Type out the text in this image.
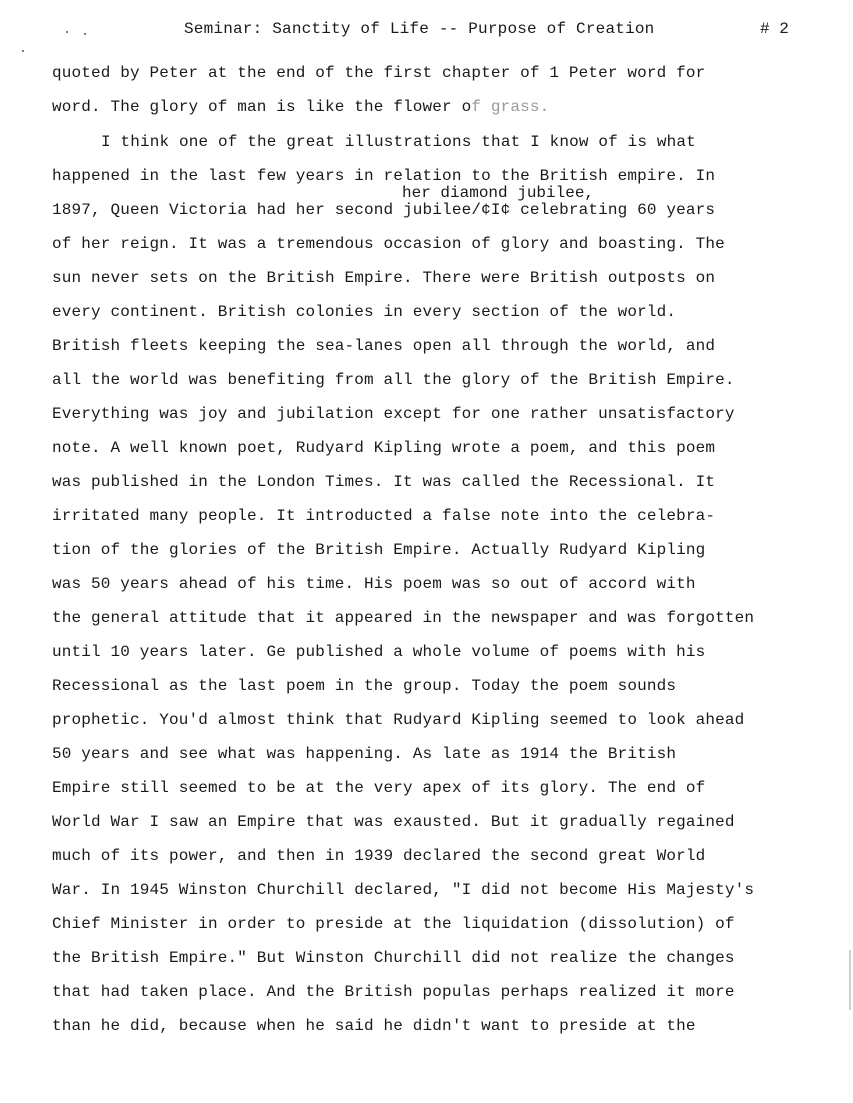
Seminar: Sanctity of Life -- Purpose of Creation	# 2
her diamond jubilee,
quoted by Peter at the end of the first chapter of 1 Peter word for
word. The glory of man is like the flower of grass.
I think one of the great illustrations that I know of is what
happened in the last few years in relation to the British empire. In
1897, Queen Victoria had her second jubilee/¢I¢ celebrating 60 years
of her reign. It was a tremendous occasion of glory and boasting. The
sun never sets on the British Empire. There were British outposts on
every continent. British colonies in every section of the world.
British fleets keeping the sea-lanes open all through the world, and
all the world was benefiting from all the glory of the British Empire.
Everything was joy and jubilation except for one rather unsatisfactory
note. A well known poet, Rudyard Kipling wrote a poem, and this poem
was published in the London Times. It was called the Recessional. It
irritated many people. It introducted a false note into the celebra-
tion of the glories of the British Empire. Actually Rudyard Kipling
was 50 years ahead of his time. His poem was so out of accord with
the general attitude that it appeared in the newspaper and was forgotten
until 10 years later. Ge published a whole volume of poems with his
Recessional as the last poem in the group. Today the poem sounds
prophetic. You'd almost think that Rudyard Kipling seemed to look ahead
50 years and see what was happening. As late as 1914 the British
Empire still seemed to be at the very apex of its glory. The end of
World War I saw an Empire that was exausted. But it gradually regained
much of its power, and then in 1939 declared the second great World
War. In 1945 Winston Churchill declared, "I did not become His Majesty's
Chief Minister in order to preside at the liquidation (dissolution) of
the British Empire." But Winston Churchill did not realize the changes
that had taken place. And the British populas perhaps realized it more
than he did, because when he said he didn't want to preside at the
